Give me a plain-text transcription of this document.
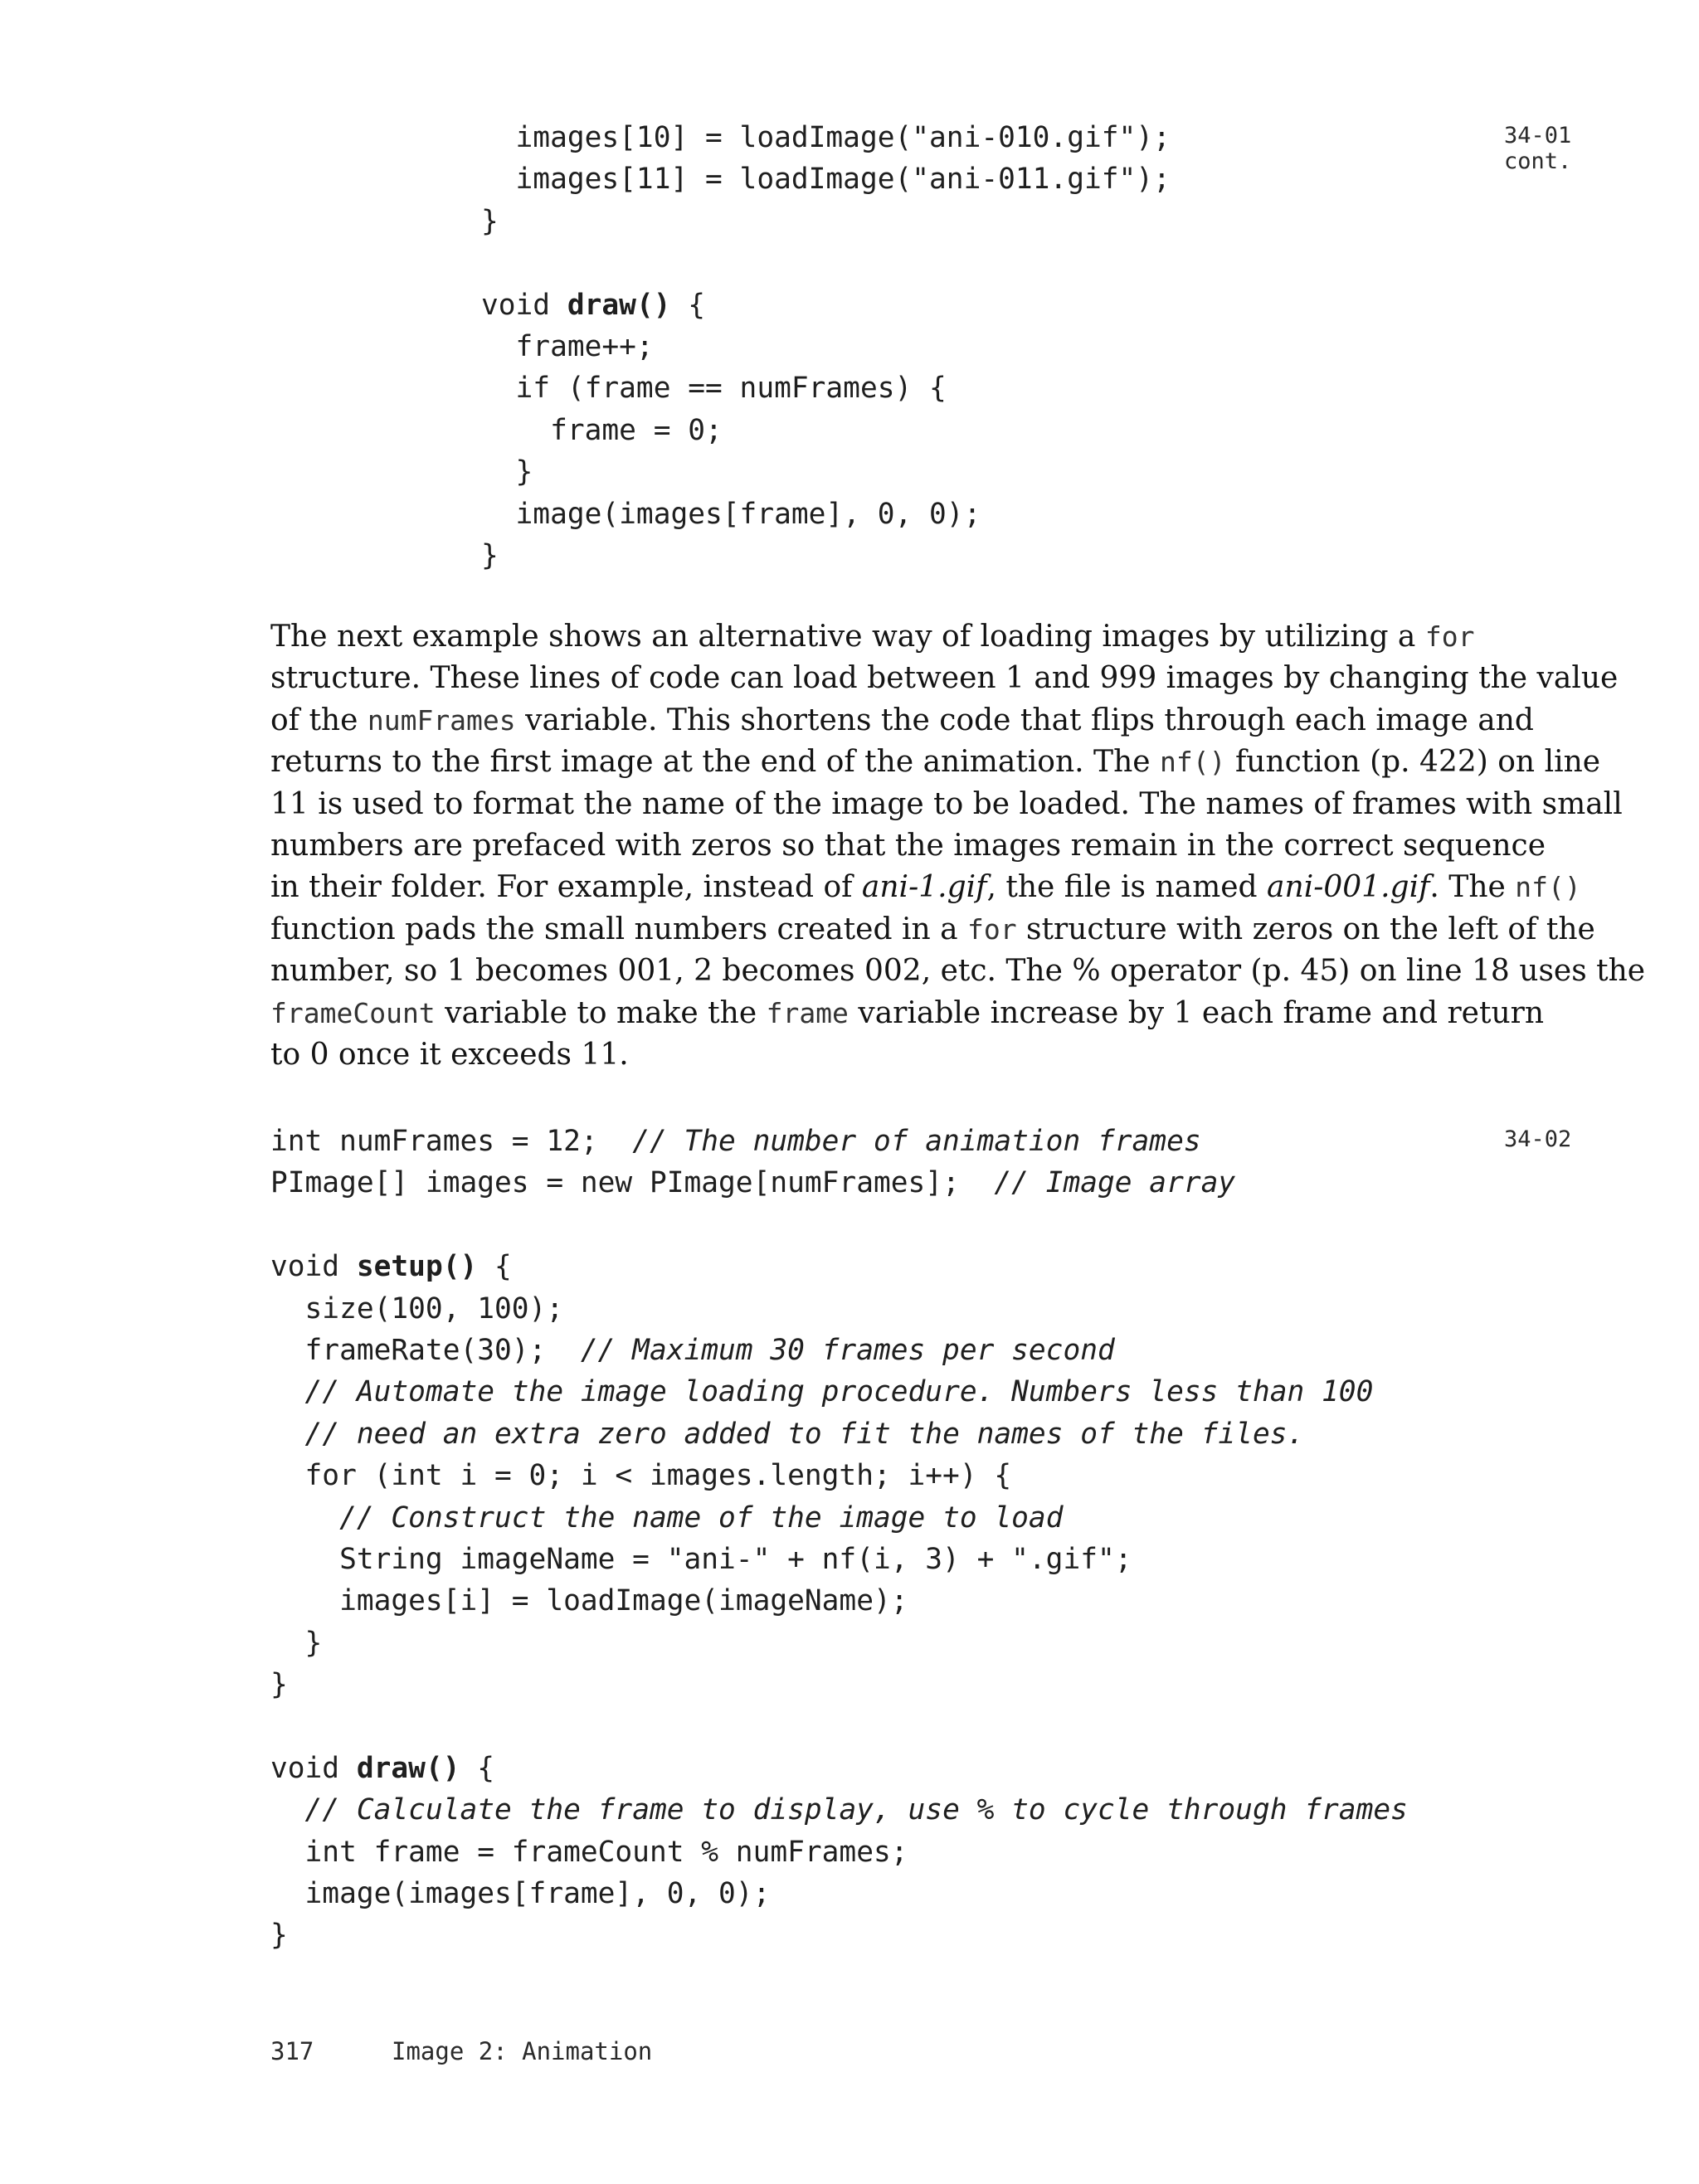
34-01
cont.
34-02
images[10] = loadImage("ani-010.gif");
images[11] = loadImage("ani-011.gif");
}
void draw() {
frame++;
if (frame == numFrames) {
frame = 0;
}
image(images[frame], 0, 0);
}
The next example shows an alternative way of loading images by utilizing a for
structure. These lines of code can load between 1 and 999 images by changing the value
of the numFrames variable. This shortens the code that flips through each image and
returns to the first image at the end of the animation. The nf() function (p. 422) on line
11 is used to format the name of the image to be loaded. The names of frames with small
numbers are prefaced with zeros so that the images remain in the correct sequence
in their folder. For example, instead of ani-1.gif, the file is named ani-001.gif. The nf()
function pads the small numbers created in a for structure with zeros on the left of the
number, so 1 becomes 001, 2 becomes 002, etc. The % operator (p. 45) on line 18 uses the
frameCount variable to make the frame variable increase by 1 each frame and return
to 0 once it exceeds 11.
int numFrames = 12;  // The number of animation frames
PImage[] images = new PImage[numFrames];  // Image array
void setup() {
size(100, 100);
frameRate(30);  // Maximum 30 frames per second
// Automate the image loading procedure. Numbers less than 100
// need an extra zero added to fit the names of the files.
for (int i = 0; i < images.length; i++) {
// Construct the name of the image to load
String imageName = "ani-" + nf(i, 3) + ".gif";
images[i] = loadImage(imageName);
}
}
void draw() {
// Calculate the frame to display, use % to cycle through frames
int frame = frameCount % numFrames;
image(images[frame], 0, 0);
}
317	Image 2: Animation
